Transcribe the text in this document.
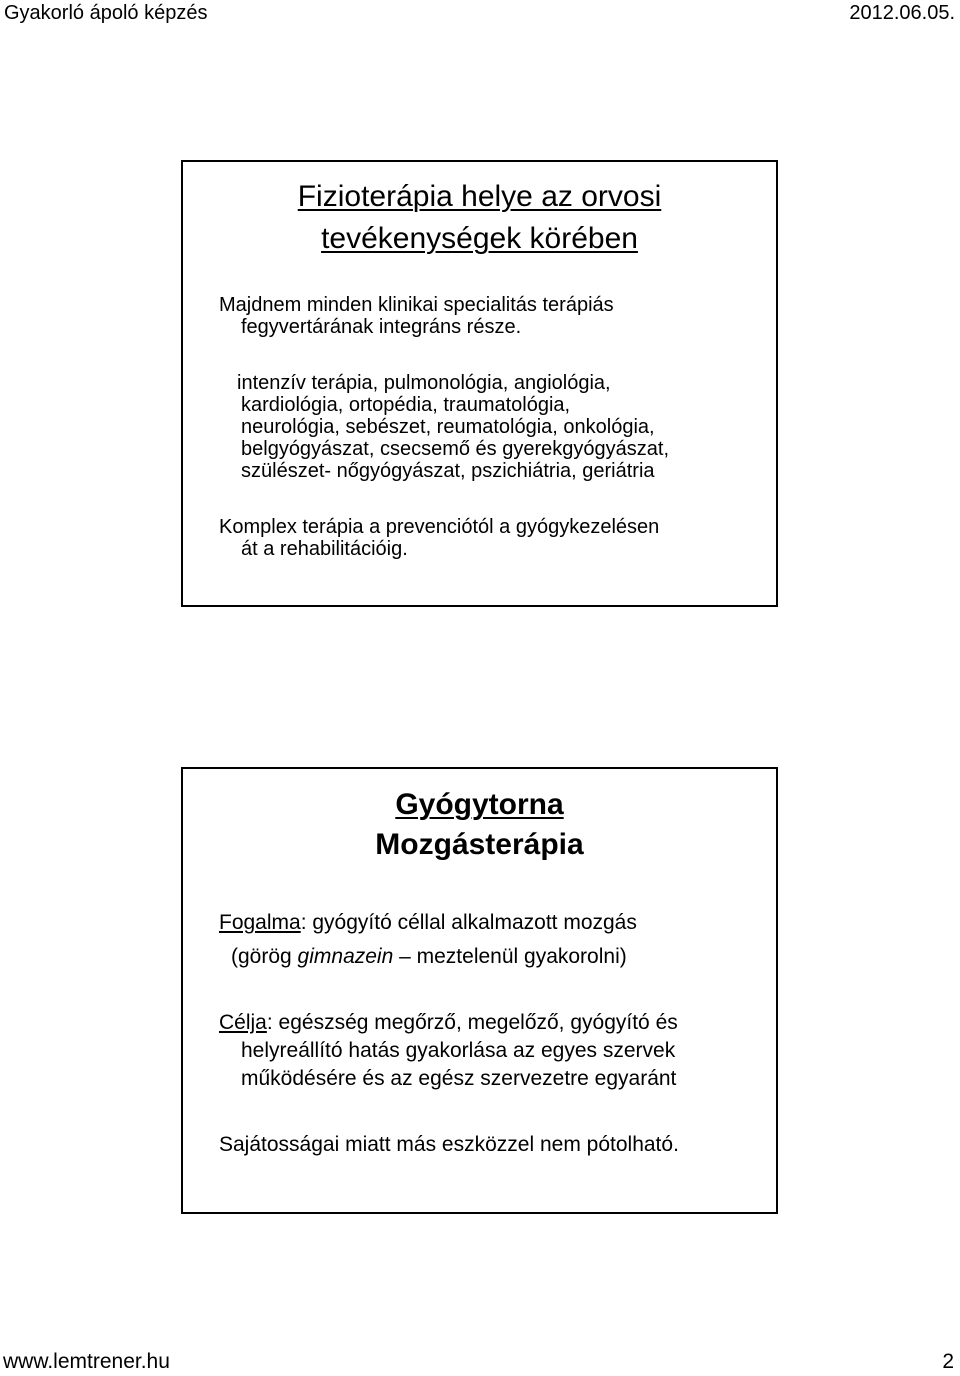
Gyakorló ápoló képzés	2012.06.05.
Fizioterápia helye az orvosi
tevékenységek körében
Majdnem minden klinikai specialitás terápiás
fegyvertárának integráns része.
intenzív terápia, pulmonológia, angiológia,
kardiológia, ortopédia, traumatológia,
neurológia, sebészet, reumatológia, onkológia,
belgyógyászat, csecsemő és gyerekgyógyászat,
szülészet- nőgyógyászat, pszichiátria, geriátria
Komplex terápia a prevenciótól a gyógykezelésen
át a rehabilitációig.
Gyógytorna
Mozgásterápia
Fogalma: gyógyító céllal alkalmazott mozgás
(görög gimnazein – meztelenül gyakorolni)
Célja: egészség megőrző, megelőző, gyógyító és
helyreállító hatás gyakorlása az egyes szervek
működésére és az egész szervezetre egyaránt
Sajátosságai miatt más eszközzel nem pótolható.
www.lemtrener.hu	2
